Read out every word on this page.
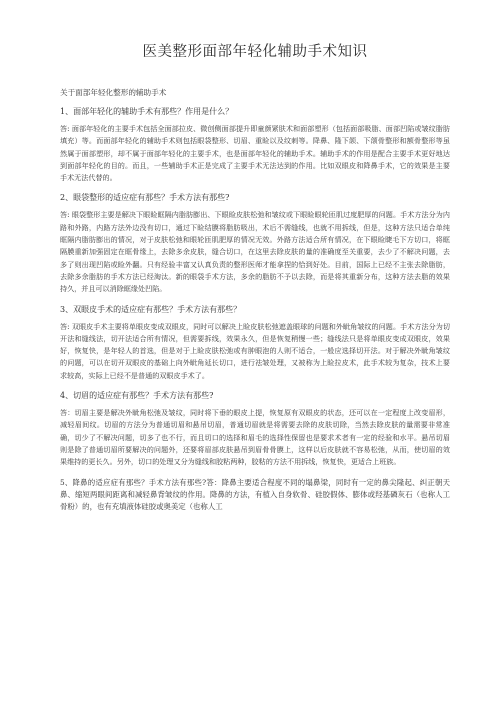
医美整形面部年轻化辅助手术知识
关于面部年轻化整形的辅助手术

1、面部年轻化的辅助手术有那些？作用是什么？

答: 面部年轻化的主要手术包括全面部拉皮、微创侧面部提升即童颜紧肤术和面部塑形（包括面部吸脂、面部凹陷或皱纹脂肪填充）等。而面部年轻化的辅助手术则包括眼袋整形、切眉、重睑以及纹刺等。降鼻、隆下颌、下颌骨整形和额骨整形等虽然属于面部塑形，却不属于面部年轻化的主要手术，也是面部年轻化的辅助手术。辅助手术的作用是配合主要手术更好地达到面部年轻化的目的。而且，一些辅助手术正是完成了主要手术无法达到的作用。比如双眼皮和降鼻手术，它的效果是主要手术无法代替的。

2、眼袋整形的适应症有那些？手术方法有那些?

答: 眼袋整形主要是解决下眼睑眶隔内脂肪膨出、下眼睑皮肤松弛和皱纹或下眼睑眼轮匝肌过度肥厚的问题。手术方法分为内路和外路，内路方法外边没有切口，通过下睑结膜将脂肪吸出，术后不需缝线，也就不用拆线，但是，这种方法只适合单纯眶隔内脂肪膨出的情况，对于皮肤松弛和眼轮匝肌肥厚的情况无效。外路方法适合所有情况，在下眼睑睫毛下方切口，将眶隔膜重新加强固定在眶骨缘上，去除多余皮肤，缝合切口，在这里去除皮肤的量的准确度至关重要，去少了不解决问题，去多了则出现凹陷或睑外翻。只有经验丰富又认真负责的整形医师才能拿捏的恰到好处。目前，国际上已经不主张去除脂肪，去除多余脂肪的手术方法已经淘汰。新的眼袋手术方法，多余的脂肪不予以去除，而是将其重新分布，这种方法去脂的效果持久，并且可以消除眶缘处凹陷。

3、双眼皮手术的适应症有那些？手术方法有那些？

答: 双眼皮手术主要将单眼皮变成双眼皮，同时可以解决上睑皮肤松弛遮盖眼球的问题和外眦角皱纹的问题。手术方法分为切开法和缝线法，切开法适合所有情况，但需要拆线，效果永久，但是恢复稍慢一些；缝线法只是将单眼皮变成双眼皮，效果好，恢复快，是年轻人的首选，但是对于上睑皮肤松弛或有肿眼泡的人则不适合，一般应选择切开法。对于解决外眦角皱纹的问题，可以在切开双眼皮的基础上向外眦角延长切口，进行祛皱处理，又被称为上睑拉皮术，此手术较为复杂，技术上要求较高，实际上已经不是普通的双眼皮手术了。

4、切眉的适应症有那些？手术方法有那些?

答：切眉主要是解决外眦角松弛及皱纹，同时将下垂的眼皮上提，恢复原有双眼皮的状态，还可以在一定程度上改变眉形，减轻眉间纹。切眉的方法分为普通切眉和悬吊切眉，普通切眉就是将需要去除的皮肤切除，当然去除皮肤的量需要非常准确，切少了不解决问题，切多了也不行，而且切口的选择和眉毛的选择性保留也是要求术者有一定的经验和水平。悬吊切眉则是除了普通切眉所要解决的问题外，还要将眉部皮肤悬吊到眉骨骨膜上，这样以后皮肤就不容易松弛，从而，使切眉的效果维持的更长久。另外，切口的处理又分为缝线和胶粘两种，胶粘的方法不用拆线，恢复快，更适合上班族。

5、降鼻的适应症有那些？手术方法有那些?答：降鼻主要适合程度不同的塌鼻梁，同时有一定的鼻尖隆起、纠正朝天鼻、缩短两眼间距离和减轻鼻背皱纹的作用。降鼻的方法，有植入自身软骨、硅胶假体、膨体或羟基磷灰石（也称人工骨粉）的，也有充填液体硅胶或奥美定（也称人工
